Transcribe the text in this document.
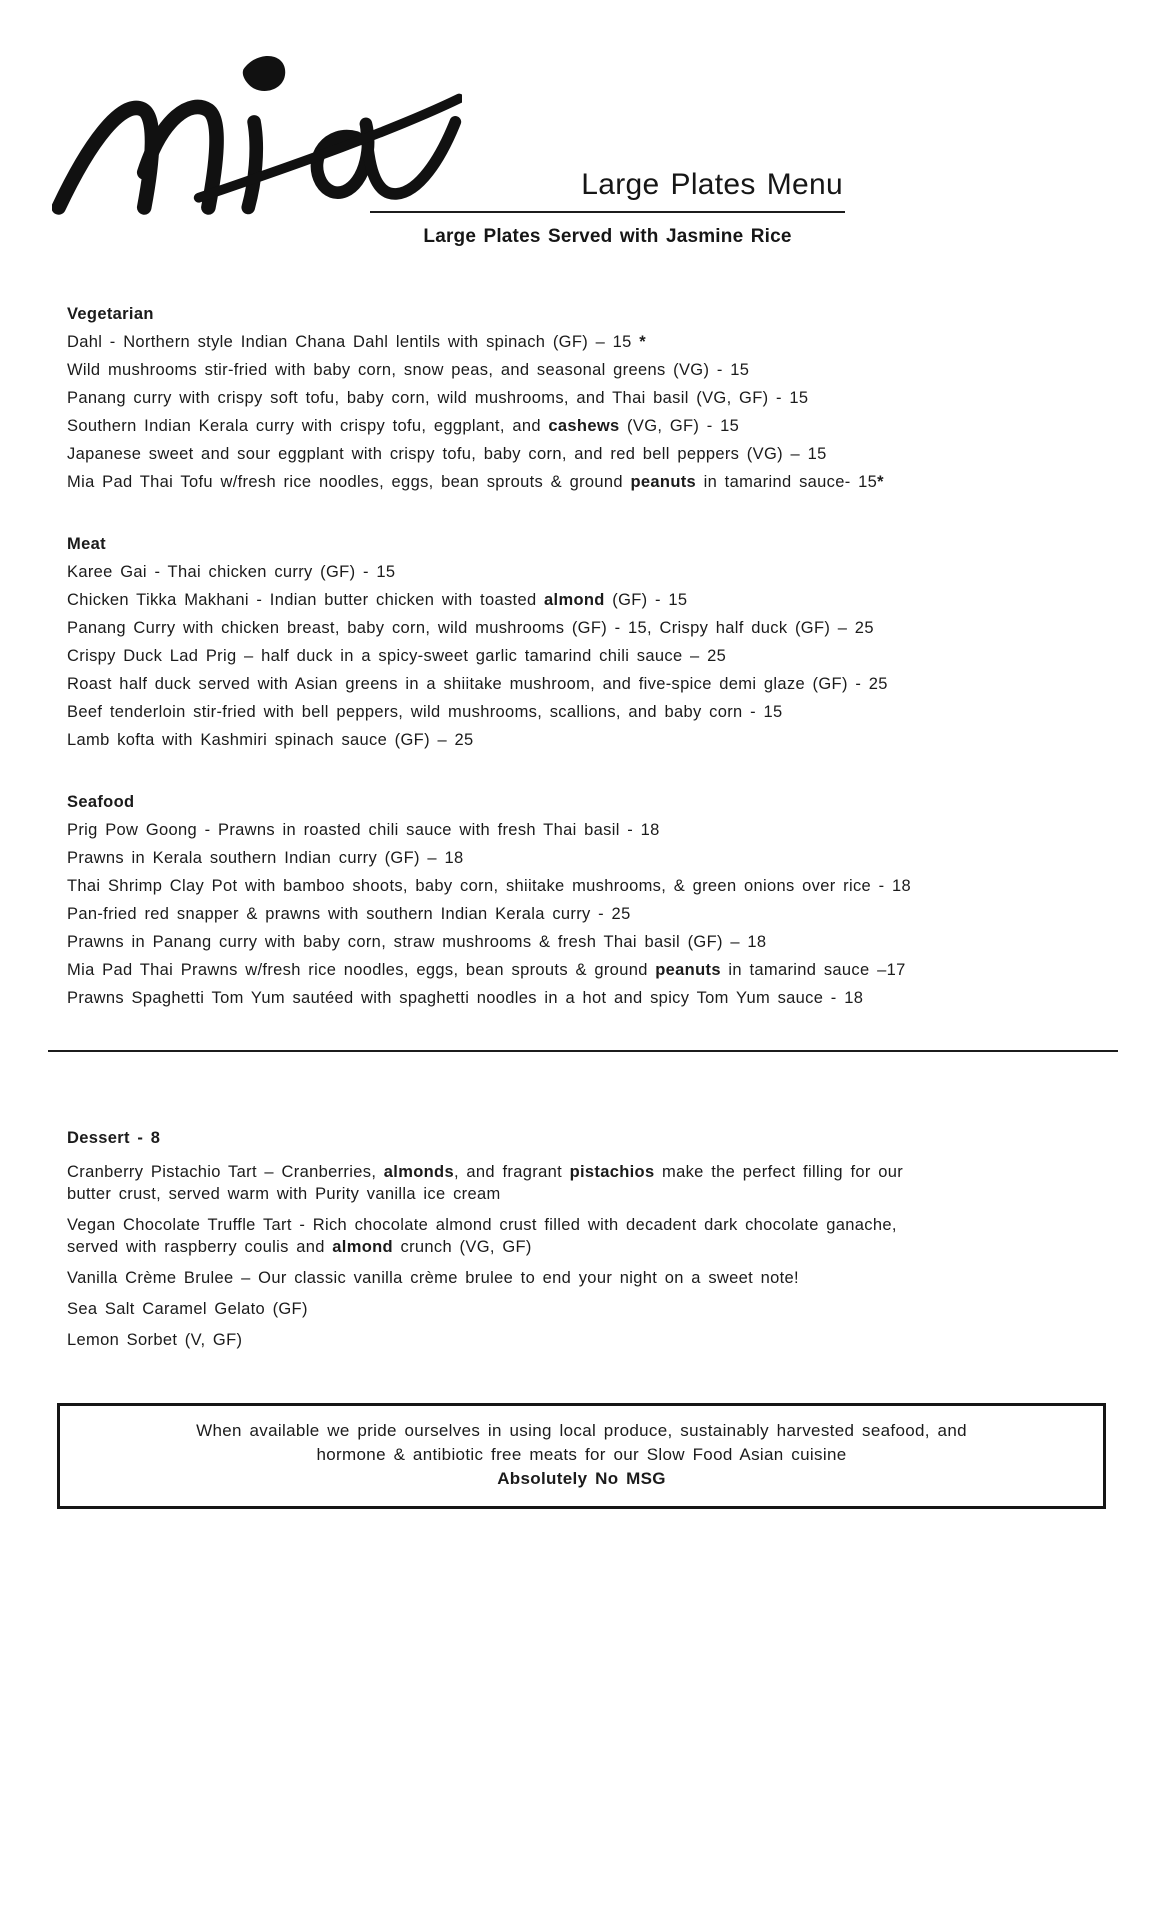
Large Plates Menu
Large Plates Served with Jasmine Rice
Vegetarian
Dahl - Northern style Indian Chana Dahl lentils with spinach (GF) – 15 *
Wild mushrooms stir-fried with baby corn, snow peas, and seasonal greens (VG) - 15
Panang curry with crispy soft tofu, baby corn, wild mushrooms, and Thai basil (VG, GF) - 15
Southern Indian Kerala curry with crispy tofu, eggplant, and cashews (VG, GF) - 15
Japanese sweet and sour eggplant with crispy tofu, baby corn, and red bell peppers (VG) – 15
Mia Pad Thai Tofu w/fresh rice noodles, eggs, bean sprouts & ground peanuts in tamarind sauce- 15*
Meat
Karee Gai - Thai chicken curry (GF) - 15
Chicken Tikka Makhani - Indian butter chicken with toasted almond (GF) - 15
Panang Curry with chicken breast, baby corn, wild mushrooms (GF) - 15, Crispy half duck (GF) – 25
Crispy Duck Lad Prig – half duck in a spicy-sweet garlic tamarind chili sauce – 25
Roast half duck served with Asian greens in a shiitake mushroom, and five-spice demi glaze (GF) - 25
Beef tenderloin stir-fried with bell peppers, wild mushrooms, scallions, and baby corn - 15
Lamb kofta with Kashmiri spinach sauce (GF) – 25
Seafood
Prig Pow Goong - Prawns in roasted chili sauce with fresh Thai basil - 18
Prawns in Kerala southern Indian curry (GF) – 18
Thai Shrimp Clay Pot with bamboo shoots, baby corn, shiitake mushrooms, & green onions over rice - 18
Pan-fried red snapper & prawns with southern Indian Kerala curry - 25
Prawns in Panang curry with baby corn, straw mushrooms & fresh Thai basil (GF) – 18
Mia Pad Thai Prawns w/fresh rice noodles, eggs, bean sprouts & ground peanuts in tamarind sauce –17
Prawns Spaghetti Tom Yum sautéed with spaghetti noodles in a hot and spicy Tom Yum sauce - 18
Dessert - 8
Cranberry Pistachio Tart – Cranberries, almonds, and fragrant pistachios make the perfect filling for our butter crust, served warm with Purity vanilla ice cream
Vegan Chocolate Truffle Tart - Rich chocolate almond crust filled with decadent dark chocolate ganache, served with raspberry coulis and almond crunch (VG, GF)
Vanilla Crème Brulee – Our classic vanilla crème brulee to end your night on a sweet note!
Sea Salt Caramel Gelato (GF)
Lemon Sorbet (V, GF)
When available we pride ourselves in using local produce, sustainably harvested seafood, and
hormone & antibiotic free meats for our Slow Food Asian cuisine
Absolutely No MSG
